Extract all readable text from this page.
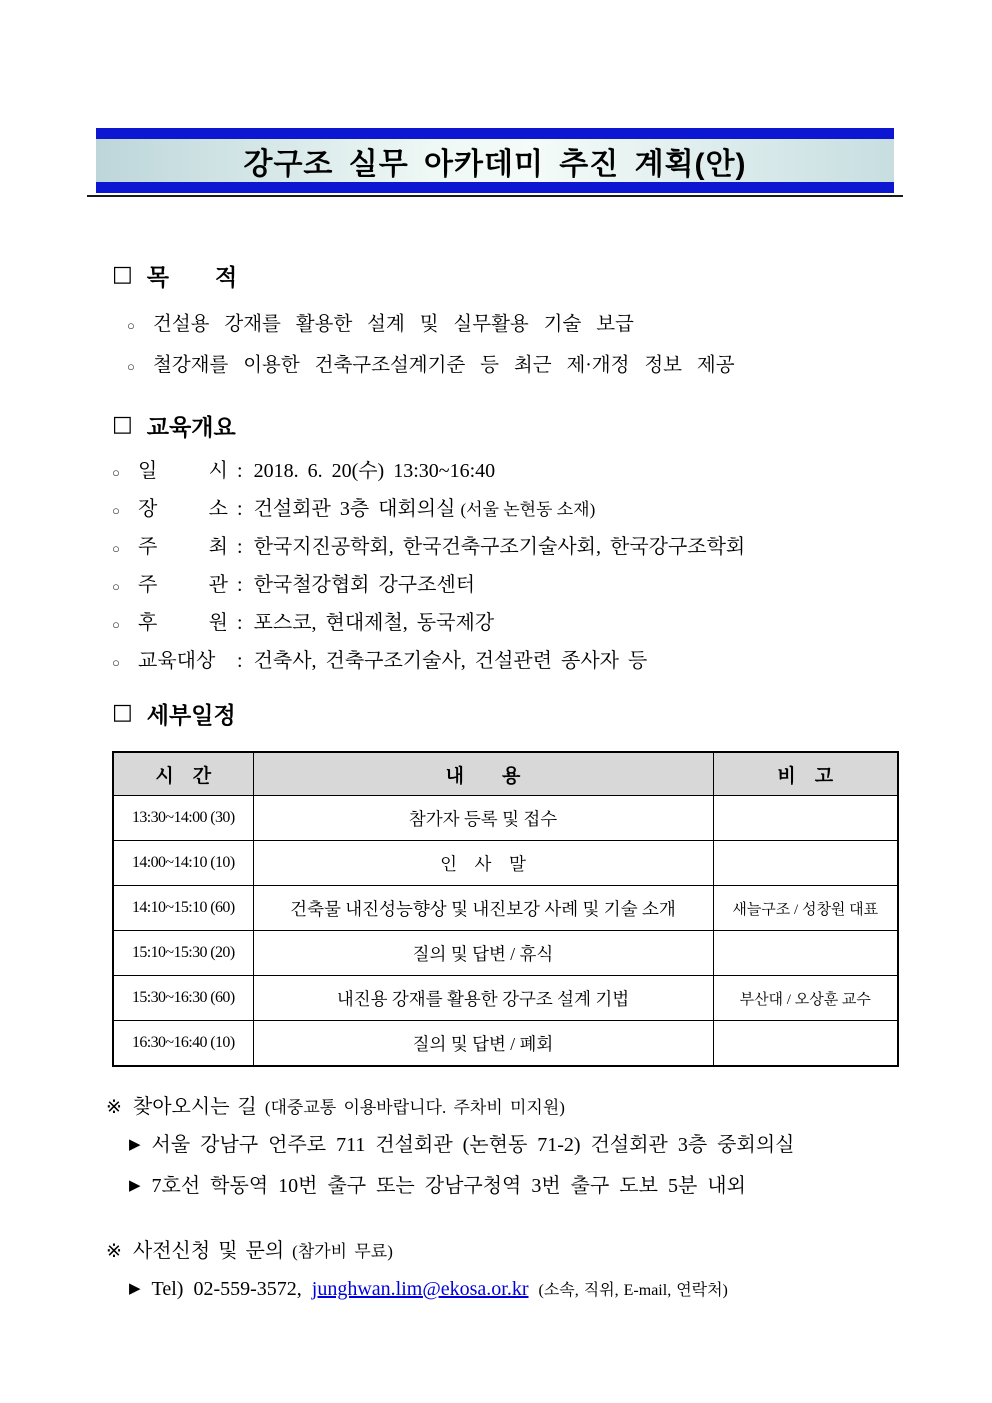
강구조 실무 아카데미 추진 계획(안)
□ 목　　적
○ 건설용 강재를 활용한 설계 및 실무활용 기술 보급
○ 철강재를 이용한 건축구조설계기준 등 최근 제·개정 정보 제공
□ 교육개요
○ 일 시 : 2018. 6. 20(수) 13:30~16:40
○ 장 소 : 건설회관 3층 대회의실 (서울 논현동 소재)
○ 주 최 : 한국지진공학회, 한국건축구조기술사회, 한국강구조학회
○ 주 관 : 한국철강협회 강구조센터
○ 후 원 : 포스코, 현대제철, 동국제강
○ 교육대상 : 건축사, 건축구조기술사, 건설관련 종사자 등
□ 세부일정
시　간	내　　용	비　고
13:30~14:00 (30)	참가자 등록 및 접수	
14:00~14:10 (10)	인　사　말	
14:10~15:10 (60)	건축물 내진성능향상 및 내진보강 사례 및 기술 소개	새늘구조 / 성창원 대표
15:10~15:30 (20)	질의 및 답변 / 휴식	
15:30~16:30 (60)	내진용 강재를 활용한 강구조 설계 기법	부산대 / 오상훈 교수
16:30~16:40 (10)	질의 및 답변 / 폐회	
※ 찾아오시는 길 (대중교통 이용바랍니다. 주차비 미지원)
▶ 서울 강남구 언주로 711 건설회관 (논현동 71-2) 건설회관 3층 중회의실
▶ 7호선 학동역 10번 출구 또는 강남구청역 3번 출구 도보 5분 내외
※ 사전신청 및 문의 (참가비 무료)
▶ Tel) 02-559-3572, junghwan.lim@ekosa.or.kr (소속, 직위, E-mail, 연락처)
